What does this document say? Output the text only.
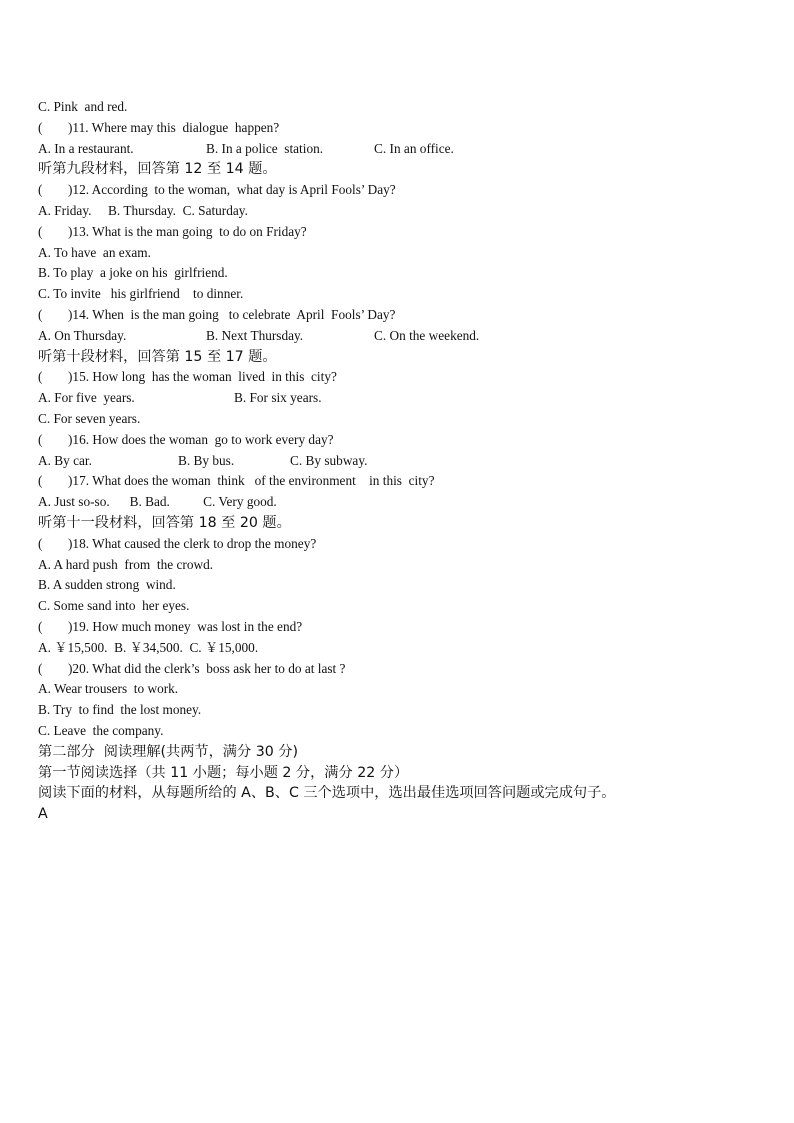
C. Pink  and red.
( )11. Where may this  dialogue  happen?
A. In a restaurant.	B. In a police  station.	C. In an office.
听第九段材料，回答第 12 至 14 题。
( )12. According  to the woman,  what day is April Fools’ Day?
A. Friday.     B. Thursday.  C. Saturday.
( )13. What is the man going  to do on Friday?
A. To have  an exam.
B. To play  a joke on his  girlfriend.
C. To invite   his girlfriend    to dinner.
( )14. When  is the man going   to celebrate  April  Fools’ Day?
A. On Thursday.	B. Next Thursday.	C. On the weekend.
听第十段材料，回答第 15 至 17 题。
( )15. How long  has the woman  lived  in this  city?
A. For five  years.	B. For six years.
C. For seven years.
( )16. How does the woman  go to work every day?
A. By car.	B. By bus.	C. By subway.
( )17. What does the woman  think   of the environment    in this  city?
A. Just so-so.      B. Bad.          C. Very good.
听第十一段材料，回答第 18 至 20 题。
( )18. What caused the clerk to drop the money?
A. A hard push  from  the crowd.
B. A sudden strong  wind.
C. Some sand into  her eyes.
( )19. How much money  was lost in the end?
A. ￥15,500.  B. ￥34,500.  C. ￥15,000.
( )20. What did the clerk’s  boss ask her to do at last ?
A. Wear trousers  to work.
B. Try  to find  the lost money.
C. Leave  the company.
第二部分  阅读理解(共两节，满分 30 分)
第一节阅读选择（共 11 小题；每小题 2 分，满分 22 分）
阅读下面的材料，从每题所给的 A、B、C 三个选项中，选出最佳选项回答问题或完成句子。
A
